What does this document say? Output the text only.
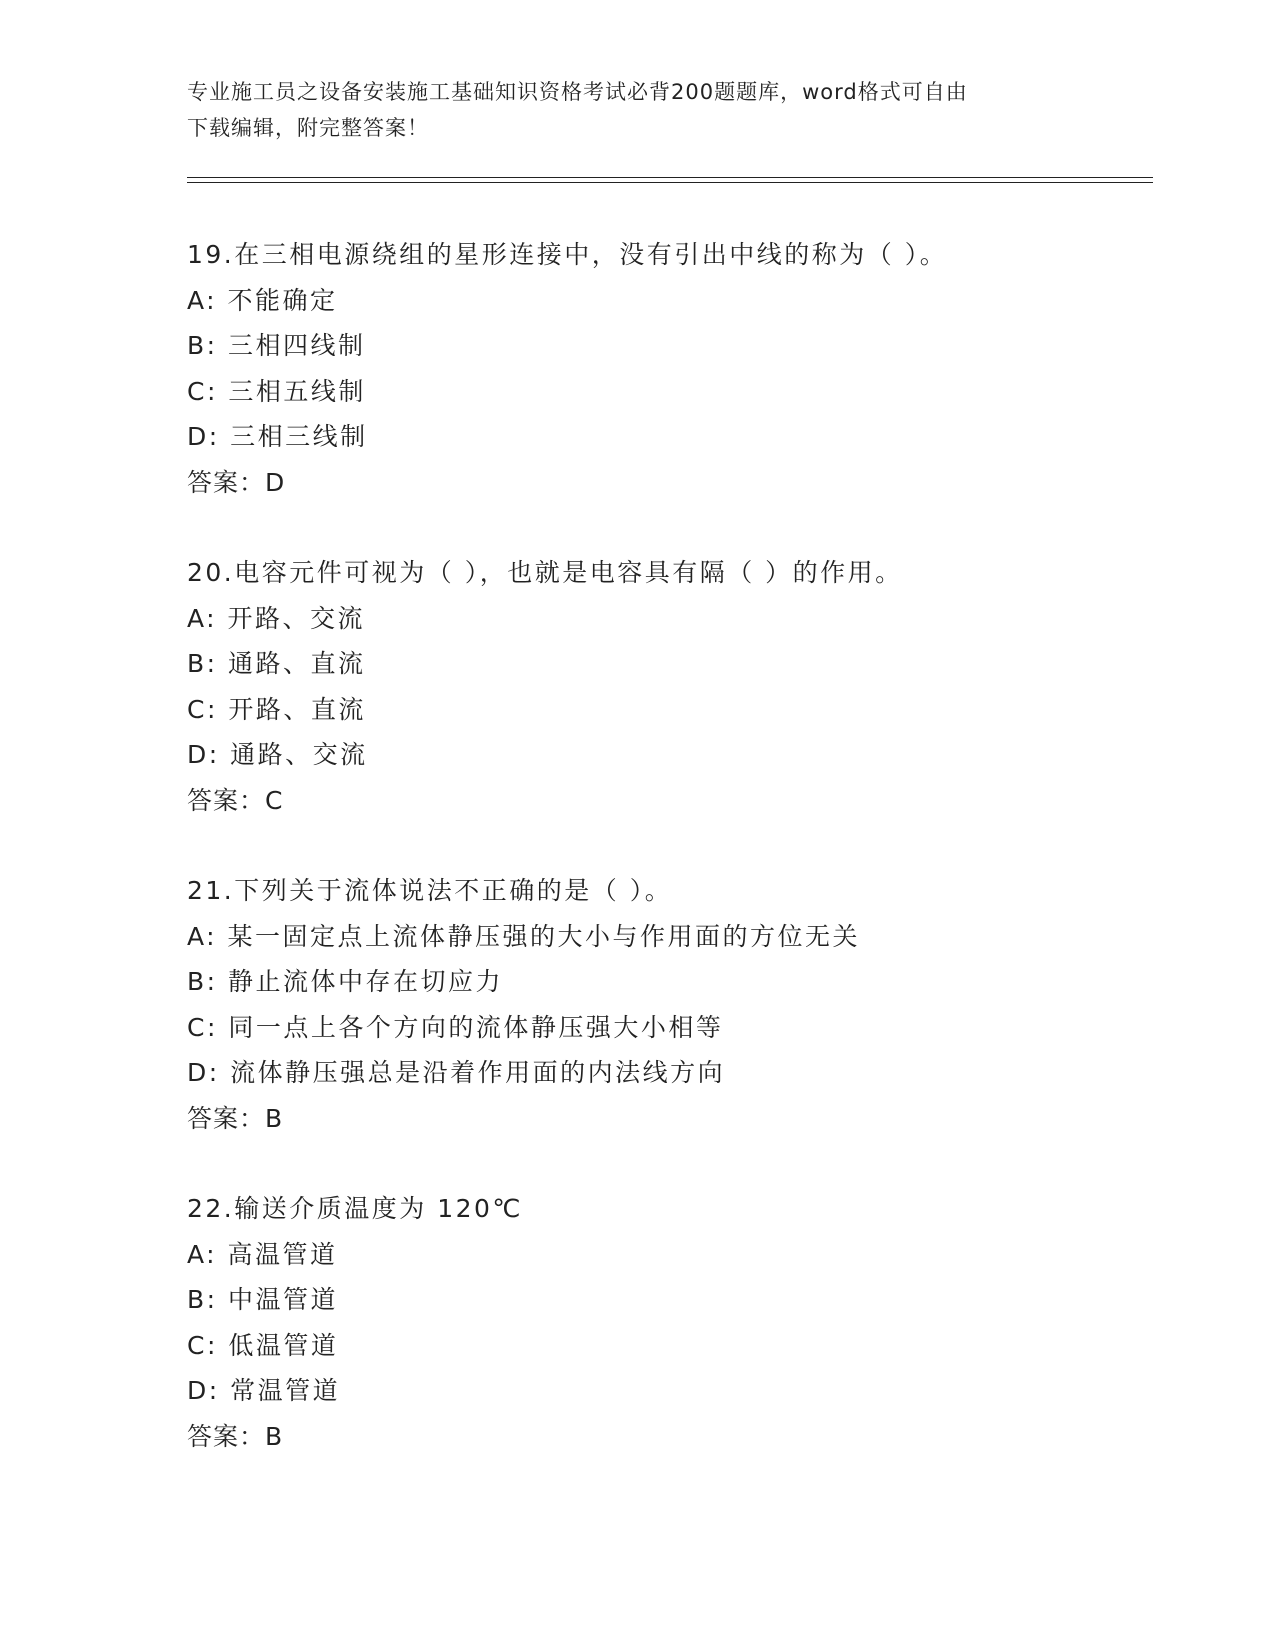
专业施工员之设备安装施工基础知识资格考试必背200题题库，word格式可自由
下载编辑，附完整答案！
19.在三相电源绕组的星形连接中，没有引出中线的称为（ ）。
A: 不能确定
B: 三相四线制
C: 三相五线制
D: 三相三线制
答案：D
20.电容元件可视为（ ），也就是电容具有隔（ ）的作用。
A: 开路、交流
B: 通路、直流
C: 开路、直流
D: 通路、交流
答案：C
21.下列关于流体说法不正确的是（ ）。
A: 某一固定点上流体静压强的大小与作用面的方位无关
B: 静止流体中存在切应力
C: 同一点上各个方向的流体静压强大小相等
D: 流体静压强总是沿着作用面的内法线方向
答案：B
22.输送介质温度为 120℃
A: 高温管道
B: 中温管道
C: 低温管道
D: 常温管道
答案：B
